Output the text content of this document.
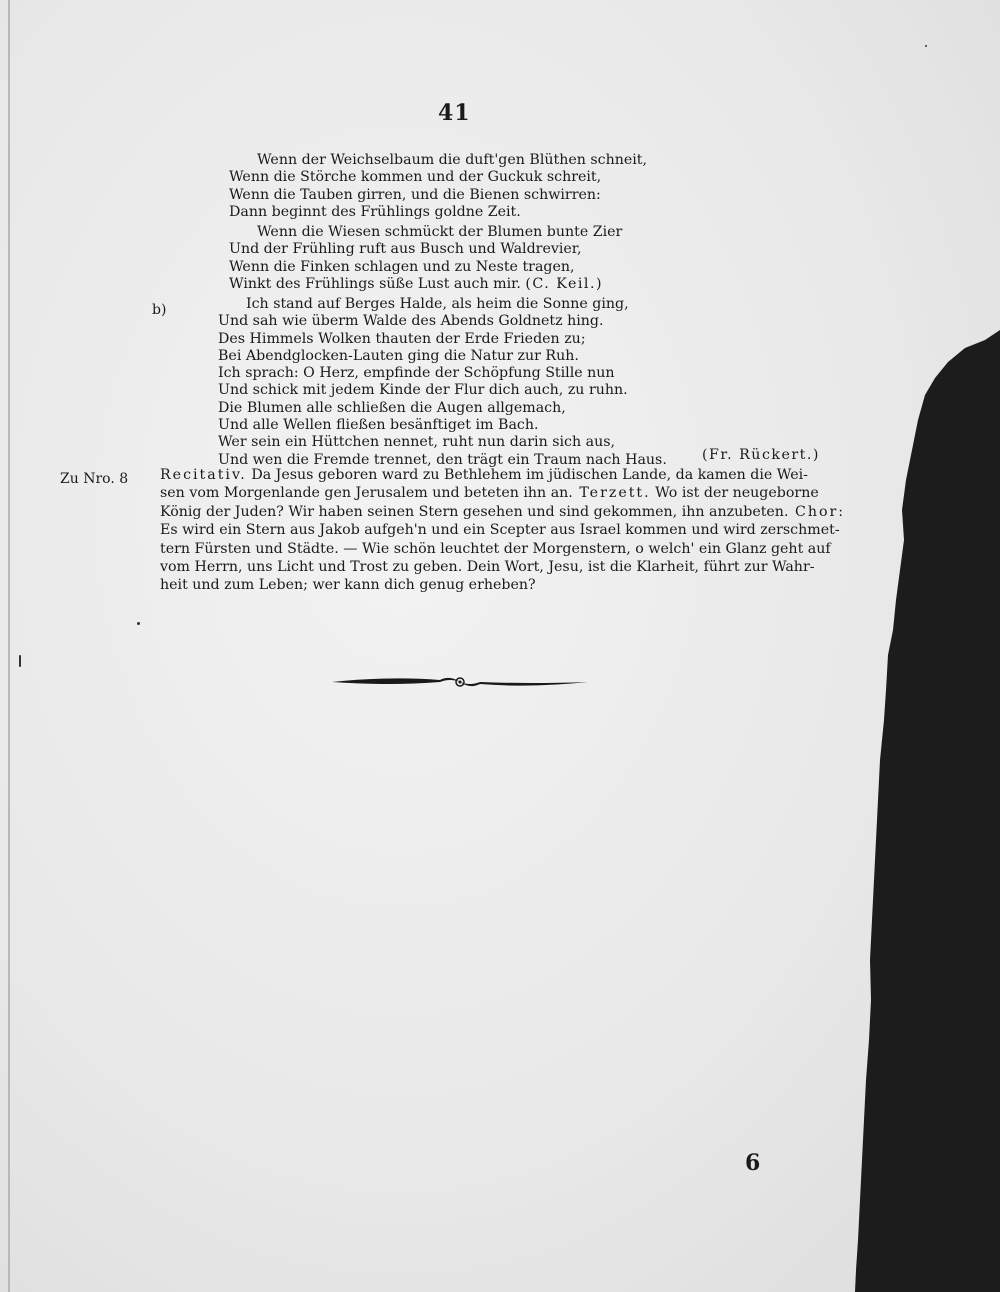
41
Wenn der Weichselbaum die duft'gen Blüthen schneit,
Wenn die Störche kommen und der Guckuk schreit,
Wenn die Tauben girren, und die Bienen schwirren:
Dann beginnt des Frühlings goldne Zeit.
Wenn die Wiesen schmückt der Blumen bunte Zier
Und der Frühling ruft aus Busch und Waldrevier,
Wenn die Finken schlagen und zu Neste tragen,
Winkt des Frühlings süße Lust auch mir. (C. Keil.)
b)	Ich stand auf Berges Halde, als heim die Sonne ging,
Und sah wie überm Walde des Abends Goldnetz hing.
Des Himmels Wolken thauten der Erde Frieden zu;
Bei Abendglocken-Lauten ging die Natur zur Ruh.
Ich sprach: O Herz, empfinde der Schöpfung Stille nun
Und schick mit jedem Kinde der Flur dich auch, zu ruhn.
Die Blumen alle schließen die Augen allgemach,
Und alle Wellen fließen besänftiget im Bach.
Wer sein ein Hüttchen nennet, ruht nun darin sich aus,
Und wen die Fremde trennet, den trägt ein Traum nach Haus. (Fr. Rückert.)
Zu Nro. 8 Recitativ. Da Jesus geboren ward zu Bethlehem im jüdischen Lande, da kamen die Wei-
sen vom Morgenlande gen Jerusalem und beteten ihn an. Terzett. Wo ist der neugeborne
König der Juden? Wir haben seinen Stern gesehen und sind gekommen, ihn anzubeten. Chor:
Es wird ein Stern aus Jakob aufgeh'n und ein Scepter aus Israel kommen und wird zerschmet-
tern Fürsten und Städte. — Wie schön leuchtet der Morgenstern, o welch' ein Glanz geht auf
vom Herrn, uns Licht und Trost zu geben. Dein Wort, Jesu, ist die Klarheit, führt zur Wahr-
heit und zum Leben; wer kann dich genug erheben?
6
